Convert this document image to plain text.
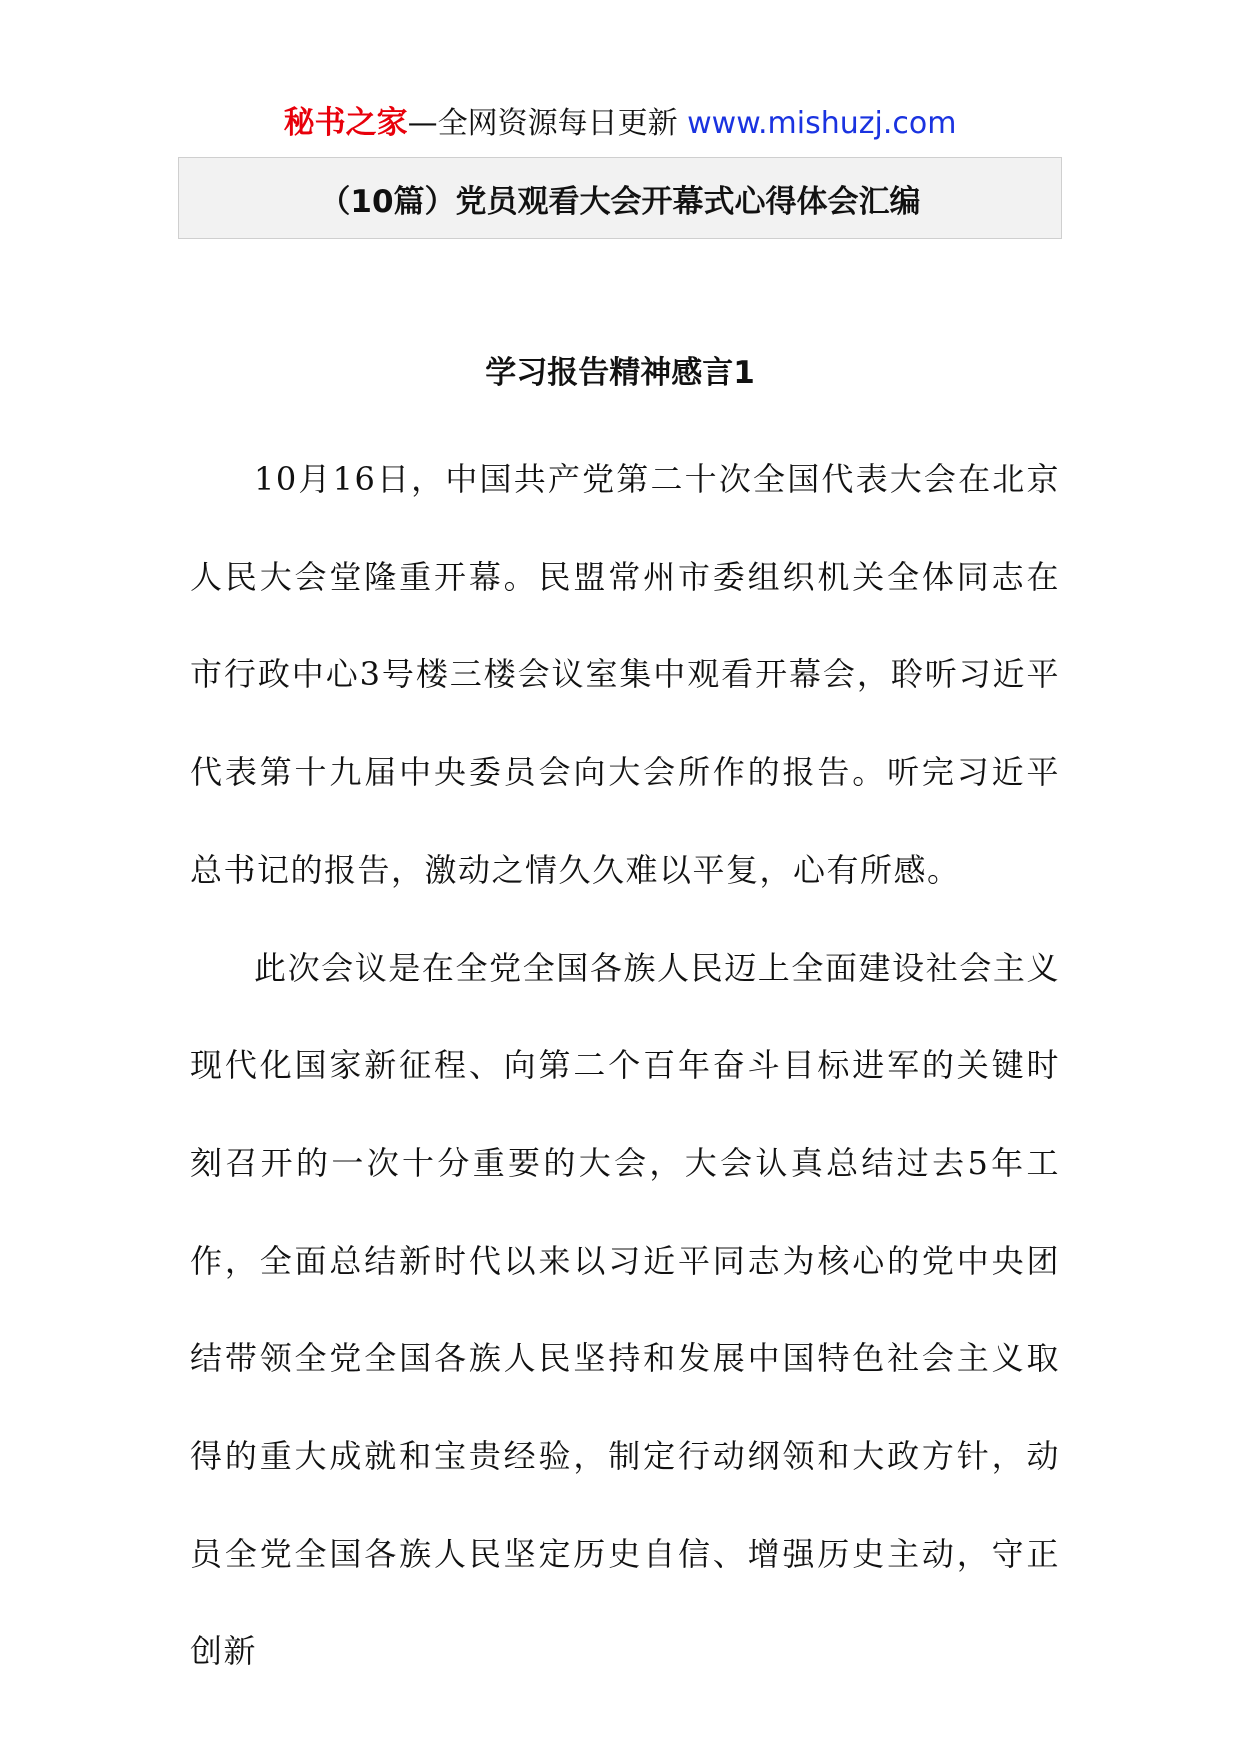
秘书之家—全网资源每日更新 www.mishuzj.com
（10篇）党员观看大会开幕式心得体会汇编
学习报告精神感言1

10月16日，中国共产党第二十次全国代表大会在北京人民大会堂隆重开幕。民盟常州市委组织机关全体同志在市行政中心3号楼三楼会议室集中观看开幕会，聆听习近平代表第十九届中央委员会向大会所作的报告。听完习近平总书记的报告，激动之情久久难以平复，心有所感。

此次会议是在全党全国各族人民迈上全面建设社会主义现代化国家新征程、向第二个百年奋斗目标进军的关键时刻召开的一次十分重要的大会，大会认真总结过去5年工作，全面总结新时代以来以习近平同志为核心的党中央团结带领全党全国各族人民坚持和发展中国特色社会主义取得的重大成就和宝贵经验，制定行动纲领和大政方针，动员全党全国各族人民坚定历史自信、增强历史主动，守正创新
